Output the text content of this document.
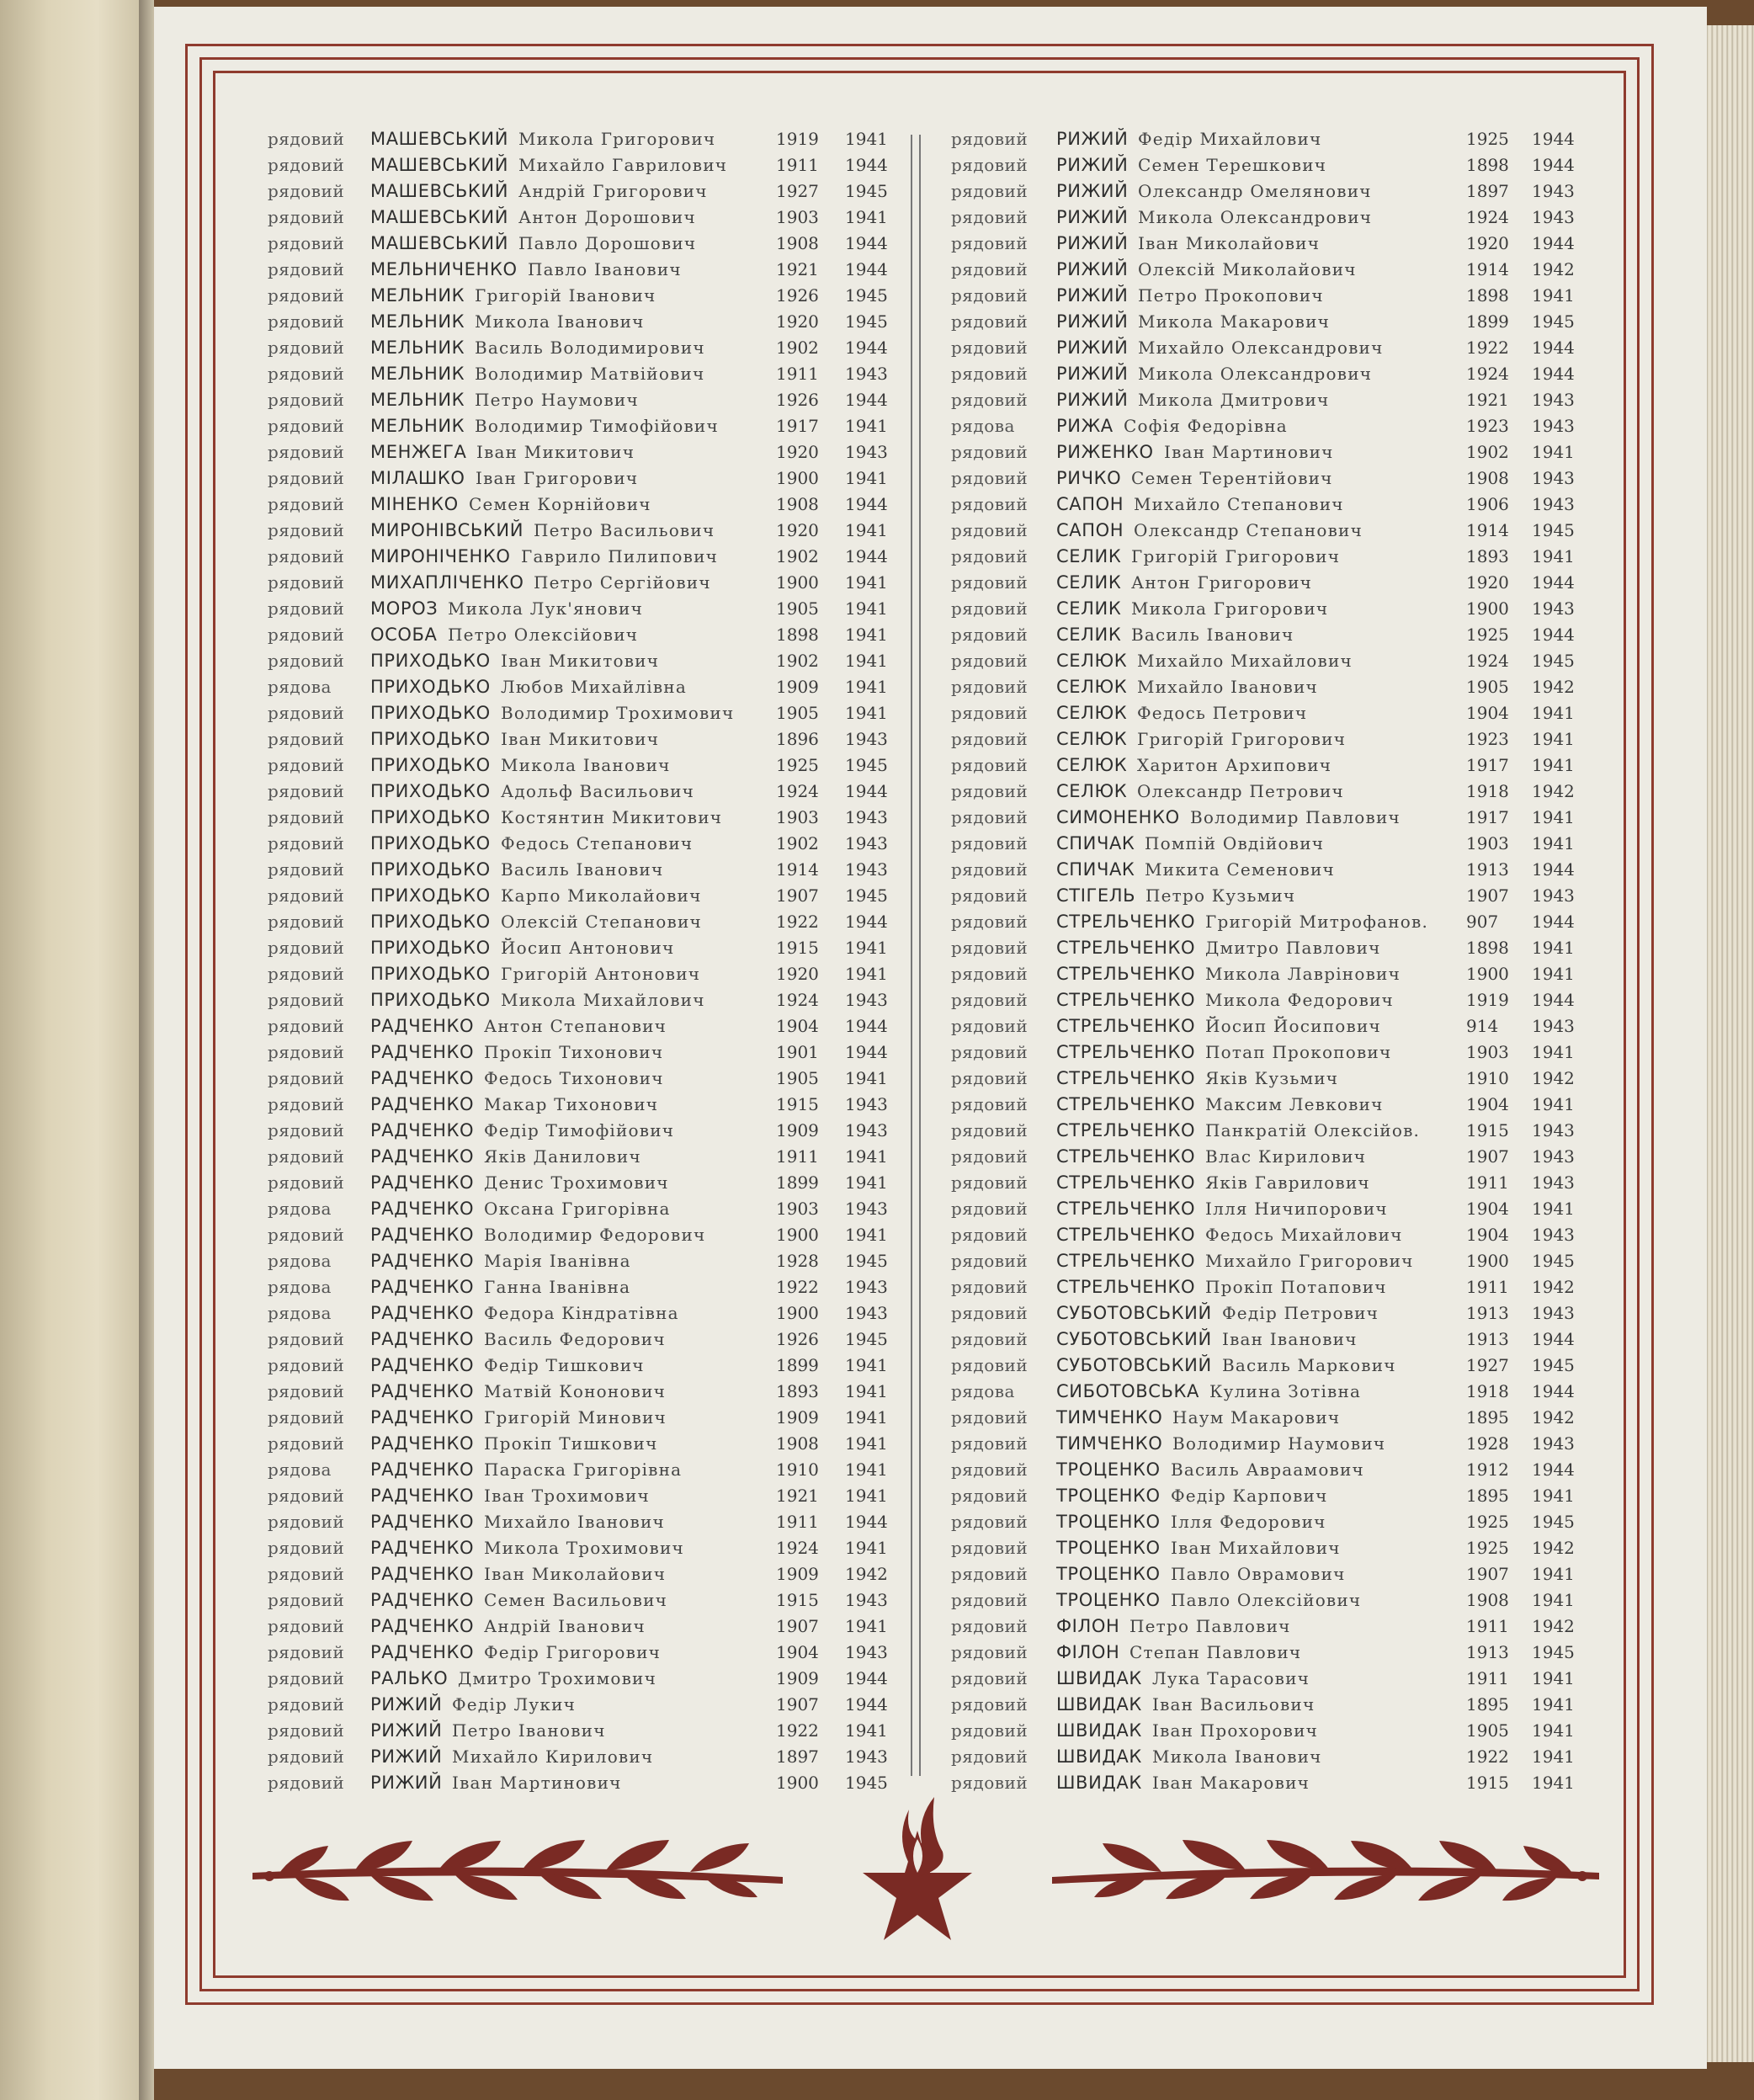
рядовий МАШЕВСЬКИЙ Микола Григорович	1919 1941
рядовий МАШЕВСЬКИЙ Михайло Гаврилович	1911 1944
рядовий МАШЕВСЬКИЙ Андрій Григорович	1927 1945
рядовий МАШЕВСЬКИЙ Антон Дорошович	1903 1941
рядовий МАШЕВСЬКИЙ Павло Дорошович	1908 1944
рядовий МЕЛЬНИЧЕНКО Павло Іванович	1921 1944
рядовий МЕЛЬНИК Григорій Іванович	1926 1945
рядовий МЕЛЬНИК Микола Іванович	1920 1945
рядовий МЕЛЬНИК Василь Володимирович	1902 1944
рядовий МЕЛЬНИК Володимир Матвійович	1911 1943
рядовий МЕЛЬНИК Петро Наумович	1926 1944
рядовий МЕЛЬНИК Володимир Тимофійович	1917 1941
рядовий МЕНЖЕГА Іван Микитович	1920 1943
рядовий МІЛАШКО Іван Григорович	1900 1941
рядовий МІНЕНКО Семен Корнійович	1908 1944
рядовий МИРОНІВСЬКИЙ Петро Васильович	1920 1941
рядовий МИРОНІЧЕНКО Гаврило Пилипович	1902 1944
рядовий МИХАПЛІЧЕНКО Петро Сергійович	1900 1941
рядовий МОРОЗ Микола Лук'янович	1905 1941
рядовий ОСОБА Петро Олексійович	1898 1941
рядовий ПРИХОДЬКО Іван Микитович	1902 1941
рядова ПРИХОДЬКО Любов Михайлівна	1909 1941
рядовий ПРИХОДЬКО Володимир Трохимович 1905 1941
рядовий ПРИХОДЬКО Іван Микитович	1896 1943
рядовий ПРИХОДЬКО Микола Іванович	1925 1945
рядовий ПРИХОДЬКО Адольф Васильович	1924 1944
рядовий ПРИХОДЬКО Костянтин Микитович	1903 1943
рядовий ПРИХОДЬКО Федось Степанович	1902 1943
рядовий ПРИХОДЬКО Василь Іванович	1914 1943
рядовий ПРИХОДЬКО Карпо Миколайович	1907 1945
рядовий ПРИХОДЬКО Олексій Степанович	1922 1944
рядовий ПРИХОДЬКО Йосип Антонович	1915 1941
рядовий ПРИХОДЬКО Григорій Антонович	1920 1941
рядовий ПРИХОДЬКО Микола Михайлович	1924 1943
рядовий РАДЧЕНКО Антон Степанович	1904 1944
рядовий РАДЧЕНКО Прокіп Тихонович	1901 1944
рядовий РАДЧЕНКО Федось Тихонович	1905 1941
рядовий РАДЧЕНКО Макар Тихонович	1915 1943
рядовий РАДЧЕНКО Федір Тимофійович	1909 1943
рядовий РАДЧЕНКО Яків Данилович	1911 1941
рядовий РАДЧЕНКО Денис Трохимович	1899 1941
рядова РАДЧЕНКО Оксана Григорівна	1903 1943
рядовий РАДЧЕНКО Володимир Федорович	1900 1941
рядова РАДЧЕНКО Марія Іванівна	1928 1945
рядова РАДЧЕНКО Ганна Іванівна	1922 1943
рядова РАДЧЕНКО Федора Кіндратівна	1900 1943
рядовий РАДЧЕНКО Василь Федорович	1926 1945
рядовий РАДЧЕНКО Федір Тишкович	1899 1941
рядовий РАДЧЕНКО Матвій Кононович	1893 1941
рядовий РАДЧЕНКО Григорій Минович	1909 1941
рядовий РАДЧЕНКО Прокіп Тишкович	1908 1941
рядова РАДЧЕНКО Параска Григорівна	1910 1941
рядовий РАДЧЕНКО Іван Трохимович	1921 1941
рядовий РАДЧЕНКО Михайло Іванович	1911 1944
рядовий РАДЧЕНКО Микола Трохимович	1924 1941
рядовий РАДЧЕНКО Іван Миколайович	1909 1942
рядовий РАДЧЕНКО Семен Васильович	1915 1943
рядовий РАДЧЕНКО Андрій Іванович	1907 1941
рядовий РАДЧЕНКО Федір Григорович	1904 1943
рядовий РАЛЬКО Дмитро Трохимович	1909 1944
рядовий РИЖИЙ Федір Лукич	1907 1944
рядовий РИЖИЙ Петро Іванович	1922 1941
рядовий РИЖИЙ Михайло Кирилович	1897 1943
рядовий РИЖИЙ Іван Мартинович	1900 1945
рядовий РИЖИЙ Федір Михайлович	1925 1944
рядовий РИЖИЙ Семен Терешкович	1898 1944
рядовий РИЖИЙ Олександр Омелянович	1897 1943
рядовий РИЖИЙ Микола Олександрович	1924 1943
рядовий РИЖИЙ Іван Миколайович	1920 1944
рядовий РИЖИЙ Олексій Миколайович	1914 1942
рядовий РИЖИЙ Петро Прокопович	1898 1941
рядовий РИЖИЙ Микола Макарович	1899 1945
рядовий РИЖИЙ Михайло Олександрович	1922 1944
рядовий РИЖИЙ Микола Олександрович	1924 1944
рядовий РИЖИЙ Микола Дмитрович	1921 1943
рядова РИЖА Софія Федорівна	1923 1943
рядовий РИЖЕНКО Іван Мартинович	1902 1941
рядовий РИЧКО Семен Терентійович	1908 1943
рядовий САПОН Михайло Степанович	1906 1943
рядовий САПОН Олександр Степанович	1914 1945
рядовий СЕЛИК Григорій Григорович	1893 1941
рядовий СЕЛИК Антон Григорович	1920 1944
рядовий СЕЛИК Микола Григорович	1900 1943
рядовий СЕЛИК Василь Іванович	1925 1944
рядовий СЕЛЮК Михайло Михайлович	1924 1945
рядовий СЕЛЮК Михайло Іванович	1905 1942
рядовий СЕЛЮК Федось Петрович	1904 1941
рядовий СЕЛЮК Григорій Григорович	1923 1941
рядовий СЕЛЮК Харитон Архипович	1917 1941
рядовий СЕЛЮК Олександр Петрович	1918 1942
рядовий СИМОНЕНКО Володимир Павлович	1917 1941
рядовий СПИЧАК Помпій Овдійович	1903 1941
рядовий СПИЧАК Микита Семенович	1913 1944
рядовий СТІГЕЛЬ Петро Кузьмич	1907 1943
рядовий СТРЕЛЬЧЕНКО Григорій Митрофанов. 907 1944
рядовий СТРЕЛЬЧЕНКО Дмитро Павлович	1898 1941
рядовий СТРЕЛЬЧЕНКО Микола Лаврінович	1900 1941
рядовий СТРЕЛЬЧЕНКО Микола Федорович	1919 1944
рядовий СТРЕЛЬЧЕНКО Йосип Йосипович	914 1943
рядовий СТРЕЛЬЧЕНКО Потап Прокопович	1903 1941
рядовий СТРЕЛЬЧЕНКО Яків Кузьмич	1910 1942
рядовий СТРЕЛЬЧЕНКО Максим Левкович	1904 1941
рядовий СТРЕЛЬЧЕНКО Панкратій Олексійов.	1915 1943
рядовий СТРЕЛЬЧЕНКО Влас Кирилович	1907 1943
рядовий СТРЕЛЬЧЕНКО Яків Гаврилович	1911 1943
рядовий СТРЕЛЬЧЕНКО Ілля Ничипорович	1904 1941
рядовий СТРЕЛЬЧЕНКО Федось Михайлович	1904 1943
рядовий СТРЕЛЬЧЕНКО Михайло Григорович	1900 1945
рядовий СТРЕЛЬЧЕНКО Прокіп Потапович	1911 1942
рядовий СУБОТОВСЬКИЙ Федір Петрович	1913 1943
рядовий СУБОТОВСЬКИЙ Іван Іванович	1913 1944
рядовий СУБОТОВСЬКИЙ Василь Маркович	1927 1945
рядова СИБОТОВСЬКА Кулина Зотівна	1918 1944
рядовий ТИМЧЕНКО Наум Макарович	1895 1942
рядовий ТИМЧЕНКО Володимир Наумович	1928 1943
рядовий ТРОЦЕНКО Василь Авраамович	1912 1944
рядовий ТРОЦЕНКО Федір Карпович	1895 1941
рядовий ТРОЦЕНКО Ілля Федорович	1925 1945
рядовий ТРОЦЕНКО Іван Михайлович	1925 1942
рядовий ТРОЦЕНКО Павло Оврамович	1907 1941
рядовий ТРОЦЕНКО Павло Олексійович	1908 1941
рядовий ФІЛОН Петро Павлович	1911 1942
рядовий ФІЛОН Степан Павлович	1913 1945
рядовий ШВИДАК Лука Тарасович	1911 1941
рядовий ШВИДАК Іван Васильович	1895 1941
рядовий ШВИДАК Іван Прохорович	1905 1941
рядовий ШВИДАК Микола Іванович	1922 1941
рядовий ШВИДАК Іван Макарович	1915 1941
